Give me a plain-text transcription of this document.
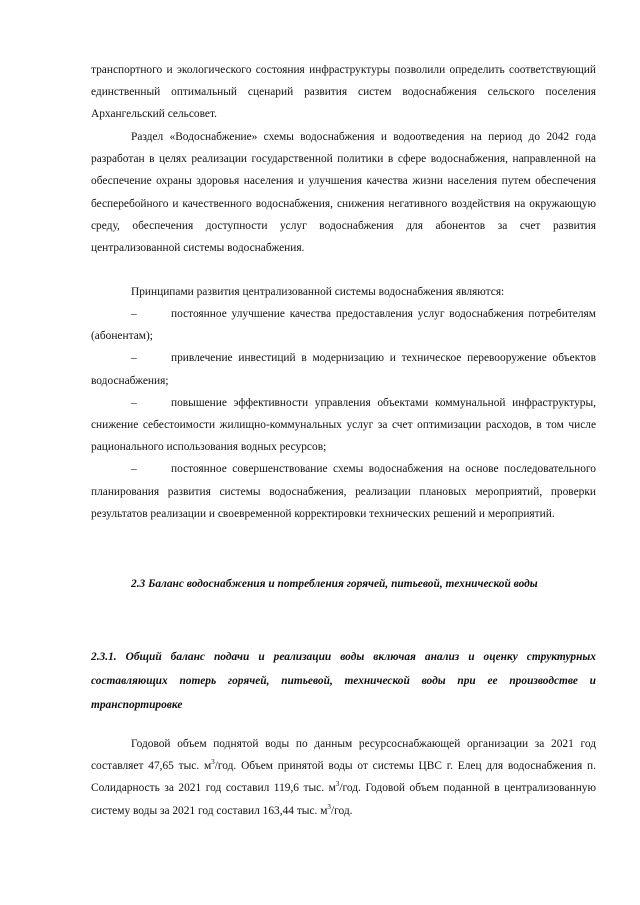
транспортного и экологического состояния инфраструктуры позволили определить соответствующий единственный оптимальный сценарий развития систем водоснабжения сельского поселения Архангельский сельсовет.

Раздел «Водоснабжение» схемы водоснабжения и водоотведения на период до 2042 года разработан в целях реализации государственной политики в сфере водоснабжения, направленной на обеспечение охраны здоровья населения и улучшения качества жизни населения путем обеспечения бесперебойного и качественного водоснабжения, снижения негативного воздействия на окружающую среду, обеспечения доступности услуг водоснабжения для абонентов за счет развития централизованной системы водоснабжения.

Принципами развития централизованной системы водоснабжения являются:

–	постоянное улучшение качества предоставления услуг водоснабжения потребителям (абонентам);

–	привлечение инвестиций в модернизацию и техническое перевооружение объектов водоснабжения;

–	повышение эффективности управления объектами коммунальной инфраструктуры, снижение себестоимости жилищно-коммунальных услуг за счет оптимизации расходов, в том числе рационального использования водных ресурсов;

–	постоянное совершенствование схемы водоснабжения на основе последовательного планирования развития системы водоснабжения, реализации плановых мероприятий, проверки результатов реализации и своевременной корректировки технических решений и мероприятий.

2.3 Баланс водоснабжения и потребления горячей, питьевой, технической воды
2.3.1. Общий баланс подачи и реализации воды включая анализ и оценку структурных составляющих потерь горячей, питьевой, технической воды при ее производстве и транспортировке

Годовой объем поднятой воды по данным ресурсоснабжающей организации за 2021 год составляет 47,65 тыс. $м^3$/год. Объем принятой воды от системы ЦВС г. Елец для водоснабжения п. Солидарность за 2021 год составил 119,6 тыс. $м^3$/год. Годовой объем поданной в централизованную систему воды за 2021 год составил 163,44 тыс. $м^3$/год.
